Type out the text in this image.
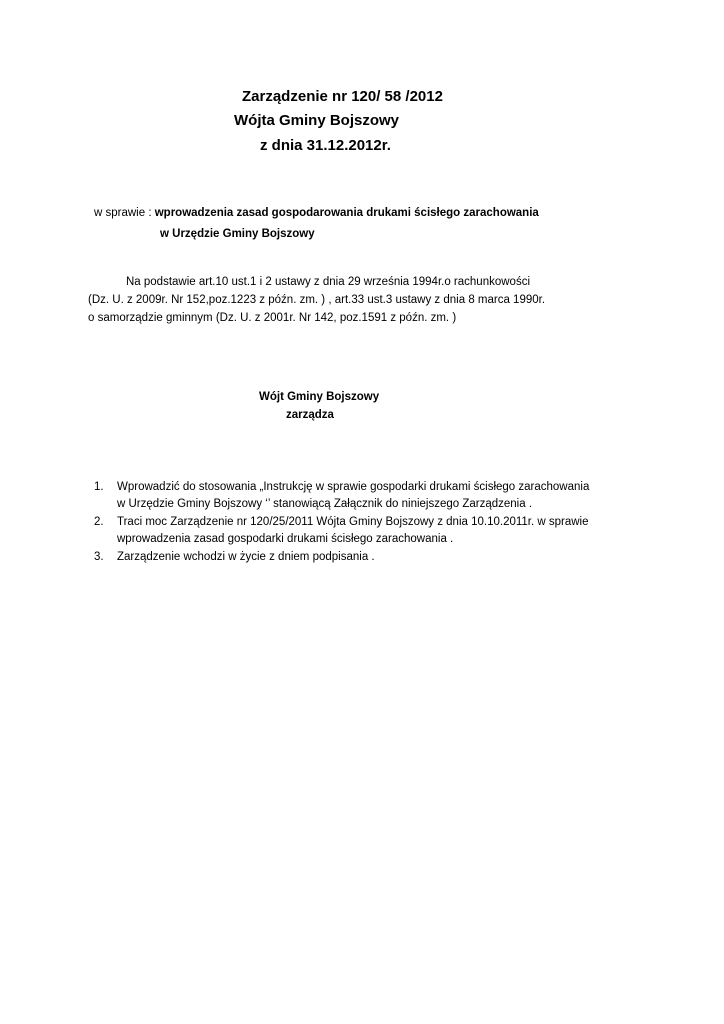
Zarządzenie nr 120/ 58 /2012
Wójta Gminy Bojszowy
z dnia 31.12.2012r.
w sprawie : wprowadzenia zasad gospodarowania drukami ścisłego zarachowania
w Urzędzie Gminy Bojszowy
Na podstawie art.10 ust.1 i 2 ustawy z dnia 29 września 1994r.o rachunkowości
(Dz. U. z 2009r. Nr 152,poz.1223 z późn. zm. ) , art.33 ust.3 ustawy z dnia 8 marca 1990r.
o samorządzie gminnym (Dz. U. z 2001r. Nr 142, poz.1591 z późn. zm. )
Wójt Gminy Bojszowy
zarządza
1. Wprowadzić do stosowania „Instrukcję w sprawie gospodarki drukami ścisłego zarachowania
w Urzędzie Gminy Bojszowy ‘’ stanowiącą Załącznik do niniejszego Zarządzenia .
2. Traci moc Zarządzenie nr 120/25/2011 Wójta Gminy Bojszowy z dnia 10.10.2011r. w sprawie
wprowadzenia zasad gospodarki drukami ścisłego zarachowania .
3. Zarządzenie wchodzi w życie z dniem podpisania .
